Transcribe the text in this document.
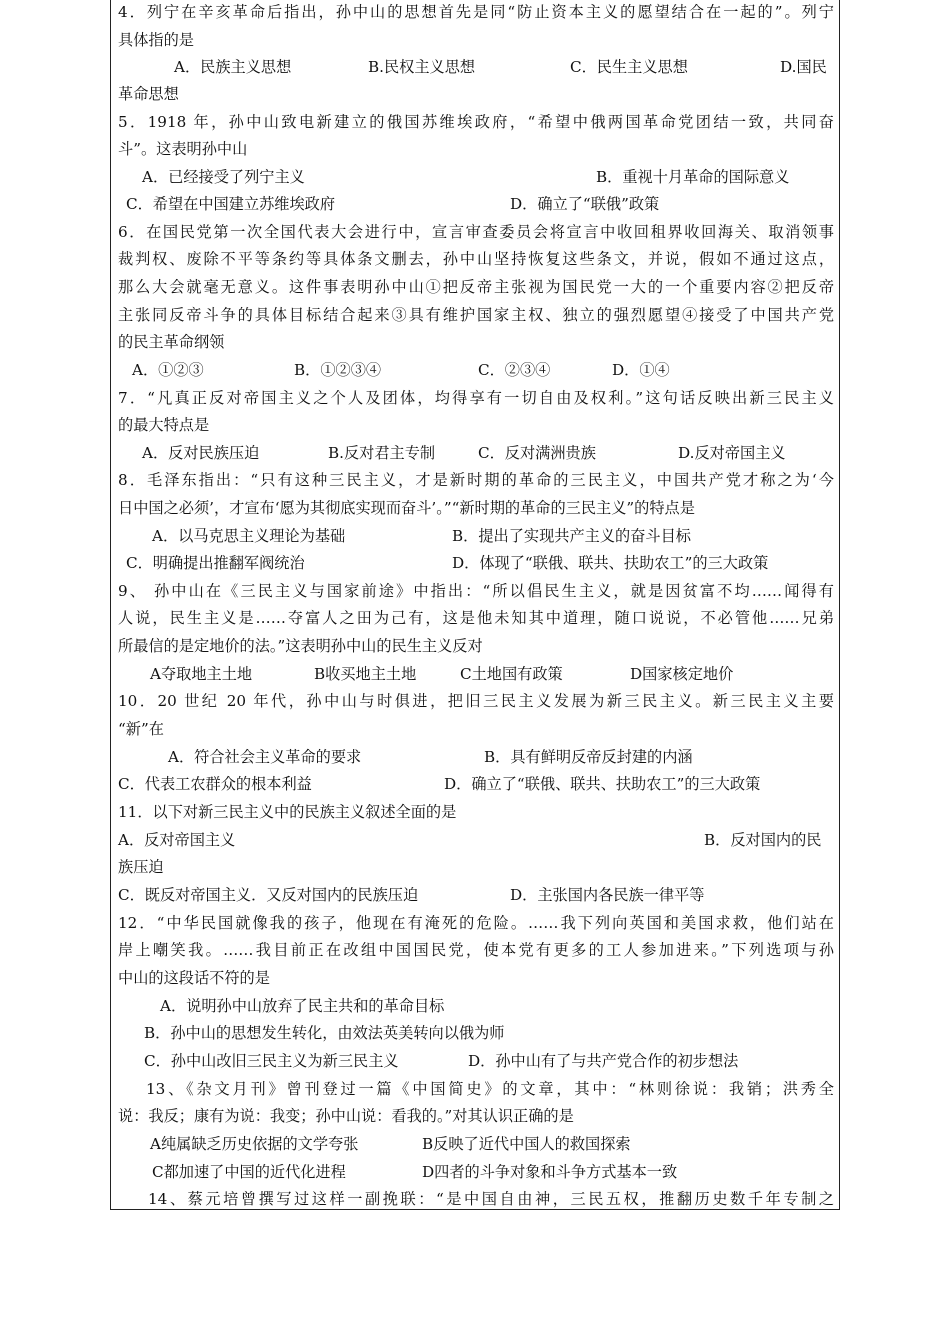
4．列宁在辛亥革命后指出，孙中山的思想首先是同“防止资本主义的愿望结合在一起的”。列宁
具体指的是
A．民族主义思想	B.民权主义思想	C．民生主义思想	D.国民
革命思想
5．1918 年，孙中山致电新建立的俄国苏维埃政府，“希望中俄两国革命党团结一致，共同奋
斗”。这表明孙中山
A．已经接受了列宁主义	B．重视十月革命的国际意义
C．希望在中国建立苏维埃政府	D．确立了“联俄”政策
6．在国民党第一次全国代表大会进行中，宣言审查委员会将宣言中收回租界收回海关、取消领事
裁判权、废除不平等条约等具体条文删去，孙中山坚持恢复这些条文，并说，假如不通过这点，
那么大会就毫无意义。这件事表明孙中山①把反帝主张视为国民党一大的一个重要内容②把反帝
主张同反帝斗争的具体目标结合起来③具有维护国家主权、独立的强烈愿望④接受了中国共产党
的民主革命纲领
A．①②③	B．①②③④	C．②③④	D．①④
7．“凡真正反对帝国主义之个人及团体，均得享有一切自由及权利。”这句话反映出新三民主义
的最大特点是
A．反对民族压迫	B.反对君主专制	C．反对满洲贵族	D.反对帝国主义
8．毛泽东指出：“只有这种三民主义，才是新时期的革命的三民主义，中国共产党才称之为‘今
日中国之必须’，才宣布‘愿为其彻底实现而奋斗’。”“新时期的革命的三民主义”的特点是
A．以马克思主义理论为基础	B．提出了实现共产主义的奋斗目标
C．明确提出推翻军阀统治	D．体现了“联俄、联共、扶助农工”的三大政策
9、 孙中山在《三民主义与国家前途》中指出：“所以倡民生主义，就是因贫富不均……闻得有
人说，民生主义是……夺富人之田为己有，这是他未知其中道理，随口说说，不必管他……兄弟
所最信的是定地价的法。”这表明孙中山的民生主义反对
A夺取地主土地	B收买地主土地	C土地国有政策	D国家核定地价
10．20 世纪 20 年代，孙中山与时俱进，把旧三民主义发展为新三民主义。新三民主义主要
“新”在
A．符合社会主义革命的要求	B．具有鲜明反帝反封建的内涵
C．代表工农群众的根本利益	D．确立了“联俄、联共、扶助农工”的三大政策
11．以下对新三民主义中的民族主义叙述全面的是
A．反对帝国主义	B．反对国内的民
族压迫
C．既反对帝国主义．又反对国内的民族压迫	D．主张国内各民族一律平等
12．“中华民国就像我的孩子，他现在有淹死的危险。……我下列向英国和美国求救，他们站在
岸上嘲笑我。……我目前正在改组中国国民党，使本党有更多的工人参加进来。”下列选项与孙
中山的这段话不符的是
A．说明孙中山放弃了民主共和的革命目标
B．孙中山的思想发生转化，由效法英美转向以俄为师
C．孙中山改旧三民主义为新三民主义	D．孙中山有了与共产党合作的初步想法
13、《杂文月刊》曾刊登过一篇《中国简史》的文章，其中：“林则徐说：我销；洪秀全
说：我反；康有为说：我变；孙中山说：看我的。”对其认识正确的是
A纯属缺乏历史依据的文学夸张	B反映了近代中国人的救国探索
C都加速了中国的近代化进程	D四者的斗争对象和斗争方式基本一致
14、蔡元培曾撰写过这样一副挽联：“是中国自由神，三民五权，推翻历史数千年专制之
